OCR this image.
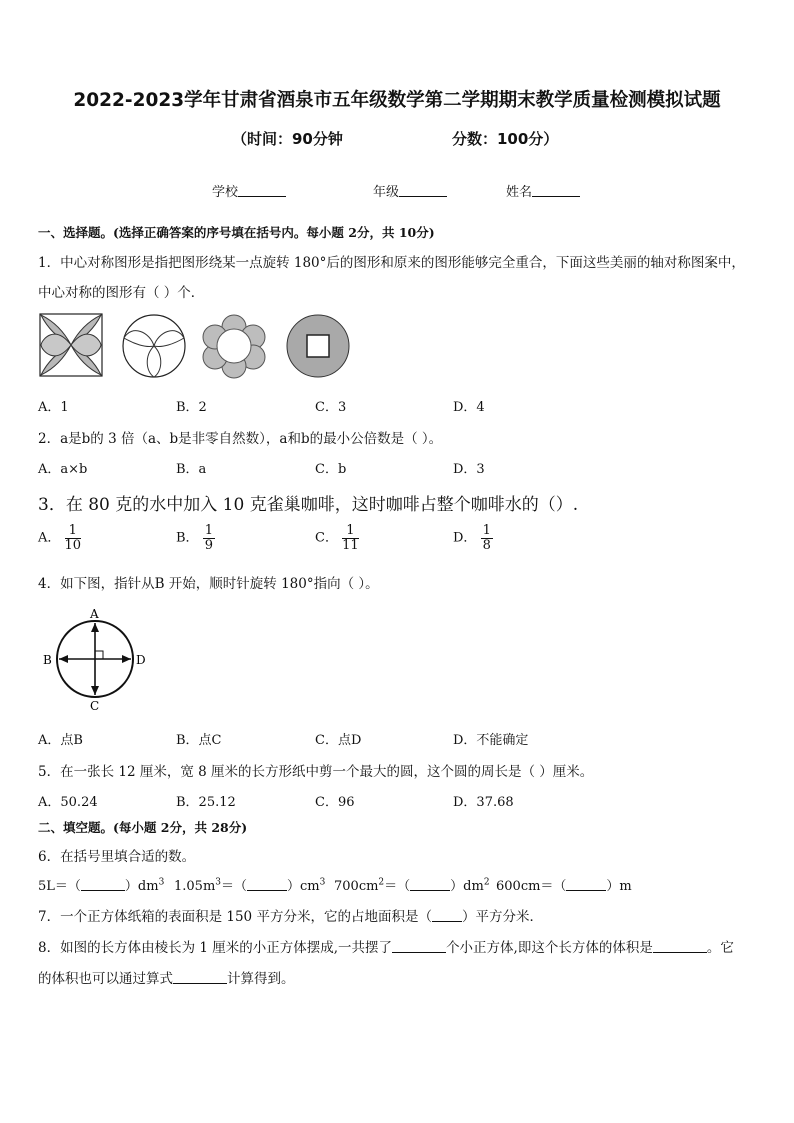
2022-2023学年甘肃省酒泉市五年级数学第二学期期末教学质量检测模拟试题
（时间：90分钟	分数：100分）
学校	年级	姓名
一、选择题。(选择正确答案的序号填在括号内。每小题 2分，共 10分)
1．中心对称图形是指把图形绕某一点旋转 180°后的图形和原来的图形能够完全重合，下面这些美丽的轴对称图案中，
中心对称的图形有（ ）个．
A．1	B．2	C．3	D．4
2．a是b的 3 倍（a、b是非零自然数），a和b的最小公倍数是（ ）。
A．a×b	B．a	C．b	D．3
3．在 80 克的水中加入 10 克雀巢咖啡，这时咖啡占整个咖啡水的（）.
A． $\frac{1}{10}$	B． $\frac{1}{9}$	C． $\frac{1}{11}$	D． $\frac{1}{8}$
4．如下图，指针从B 开始，顺时针旋转 180°指向（ ）。
A
B
C
D
A．点B	B．点C	C．点D	D．不能确定
5．在一张长 12 厘米，宽 8 厘米的长方形纸中剪一个最大的圆，这个圆的周长是（ ）厘米。
A．50.24	B．25.12	C．96	D．37.68
二、填空题。(每小题 2分，共 28分)
6．在括号里填合适的数。
5L＝（	）$dm^3$ $1.05m^3=$（	）$cm^3$ $700cm^2=$（	）$dm^2$ 600cm＝（	）m
7．一个正方体纸箱的表面积是 150 平方分米，它的占地面积是（ ）平方分米．
8．如图的长方体由棱长为 1 厘米的小正方体摆成,一共摆了	个小正方体,即这个长方体的体积是	。它
的体积也可以通过算式	计算得到。
